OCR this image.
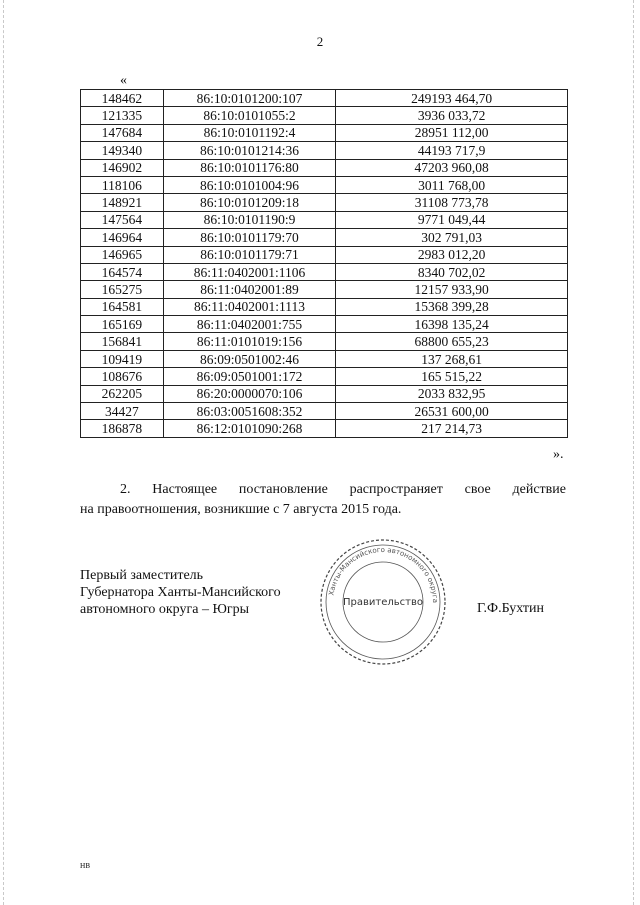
2
«
148462	86:10:0101200:107	249193 464,70
121335	86:10:0101055:2	3936 033,72
147684	86:10:0101192:4	28951 112,00
149340	86:10:0101214:36	44193 717,9
146902	86:10:0101176:80	47203 960,08
118106	86:10:0101004:96	3011 768,00
148921	86:10:0101209:18	31108 773,78
147564	86:10:0101190:9	9771 049,44
146964	86:10:0101179:70	302 791,03
146965	86:10:0101179:71	2983 012,20
164574	86:11:0402001:1106	8340 702,02
165275	86:11:0402001:89	12157 933,90
164581	86:11:0402001:1113	15368 399,28
165169	86:11:0402001:755	16398 135,24
156841	86:11:0101019:156	68800 655,23
109419	86:09:0501002:46	137 268,61
108676	86:09:0501001:172	165 515,22
262205	86:20:0000070:106	2033 832,95
34427	86:03:0051608:352	26531 600,00
186878	86:12:0101090:268	217 214,73
».
2. Настоящее постановление распространяет свое действие
на правоотношения, возникшие с 7 августа 2015 года.
Первый заместитель
Губернатора Ханты-Мансийского
автономного округа – Югры
Ханты-Мансийского автономного округа
Правительство	Г.Ф.Бухтин
нв
